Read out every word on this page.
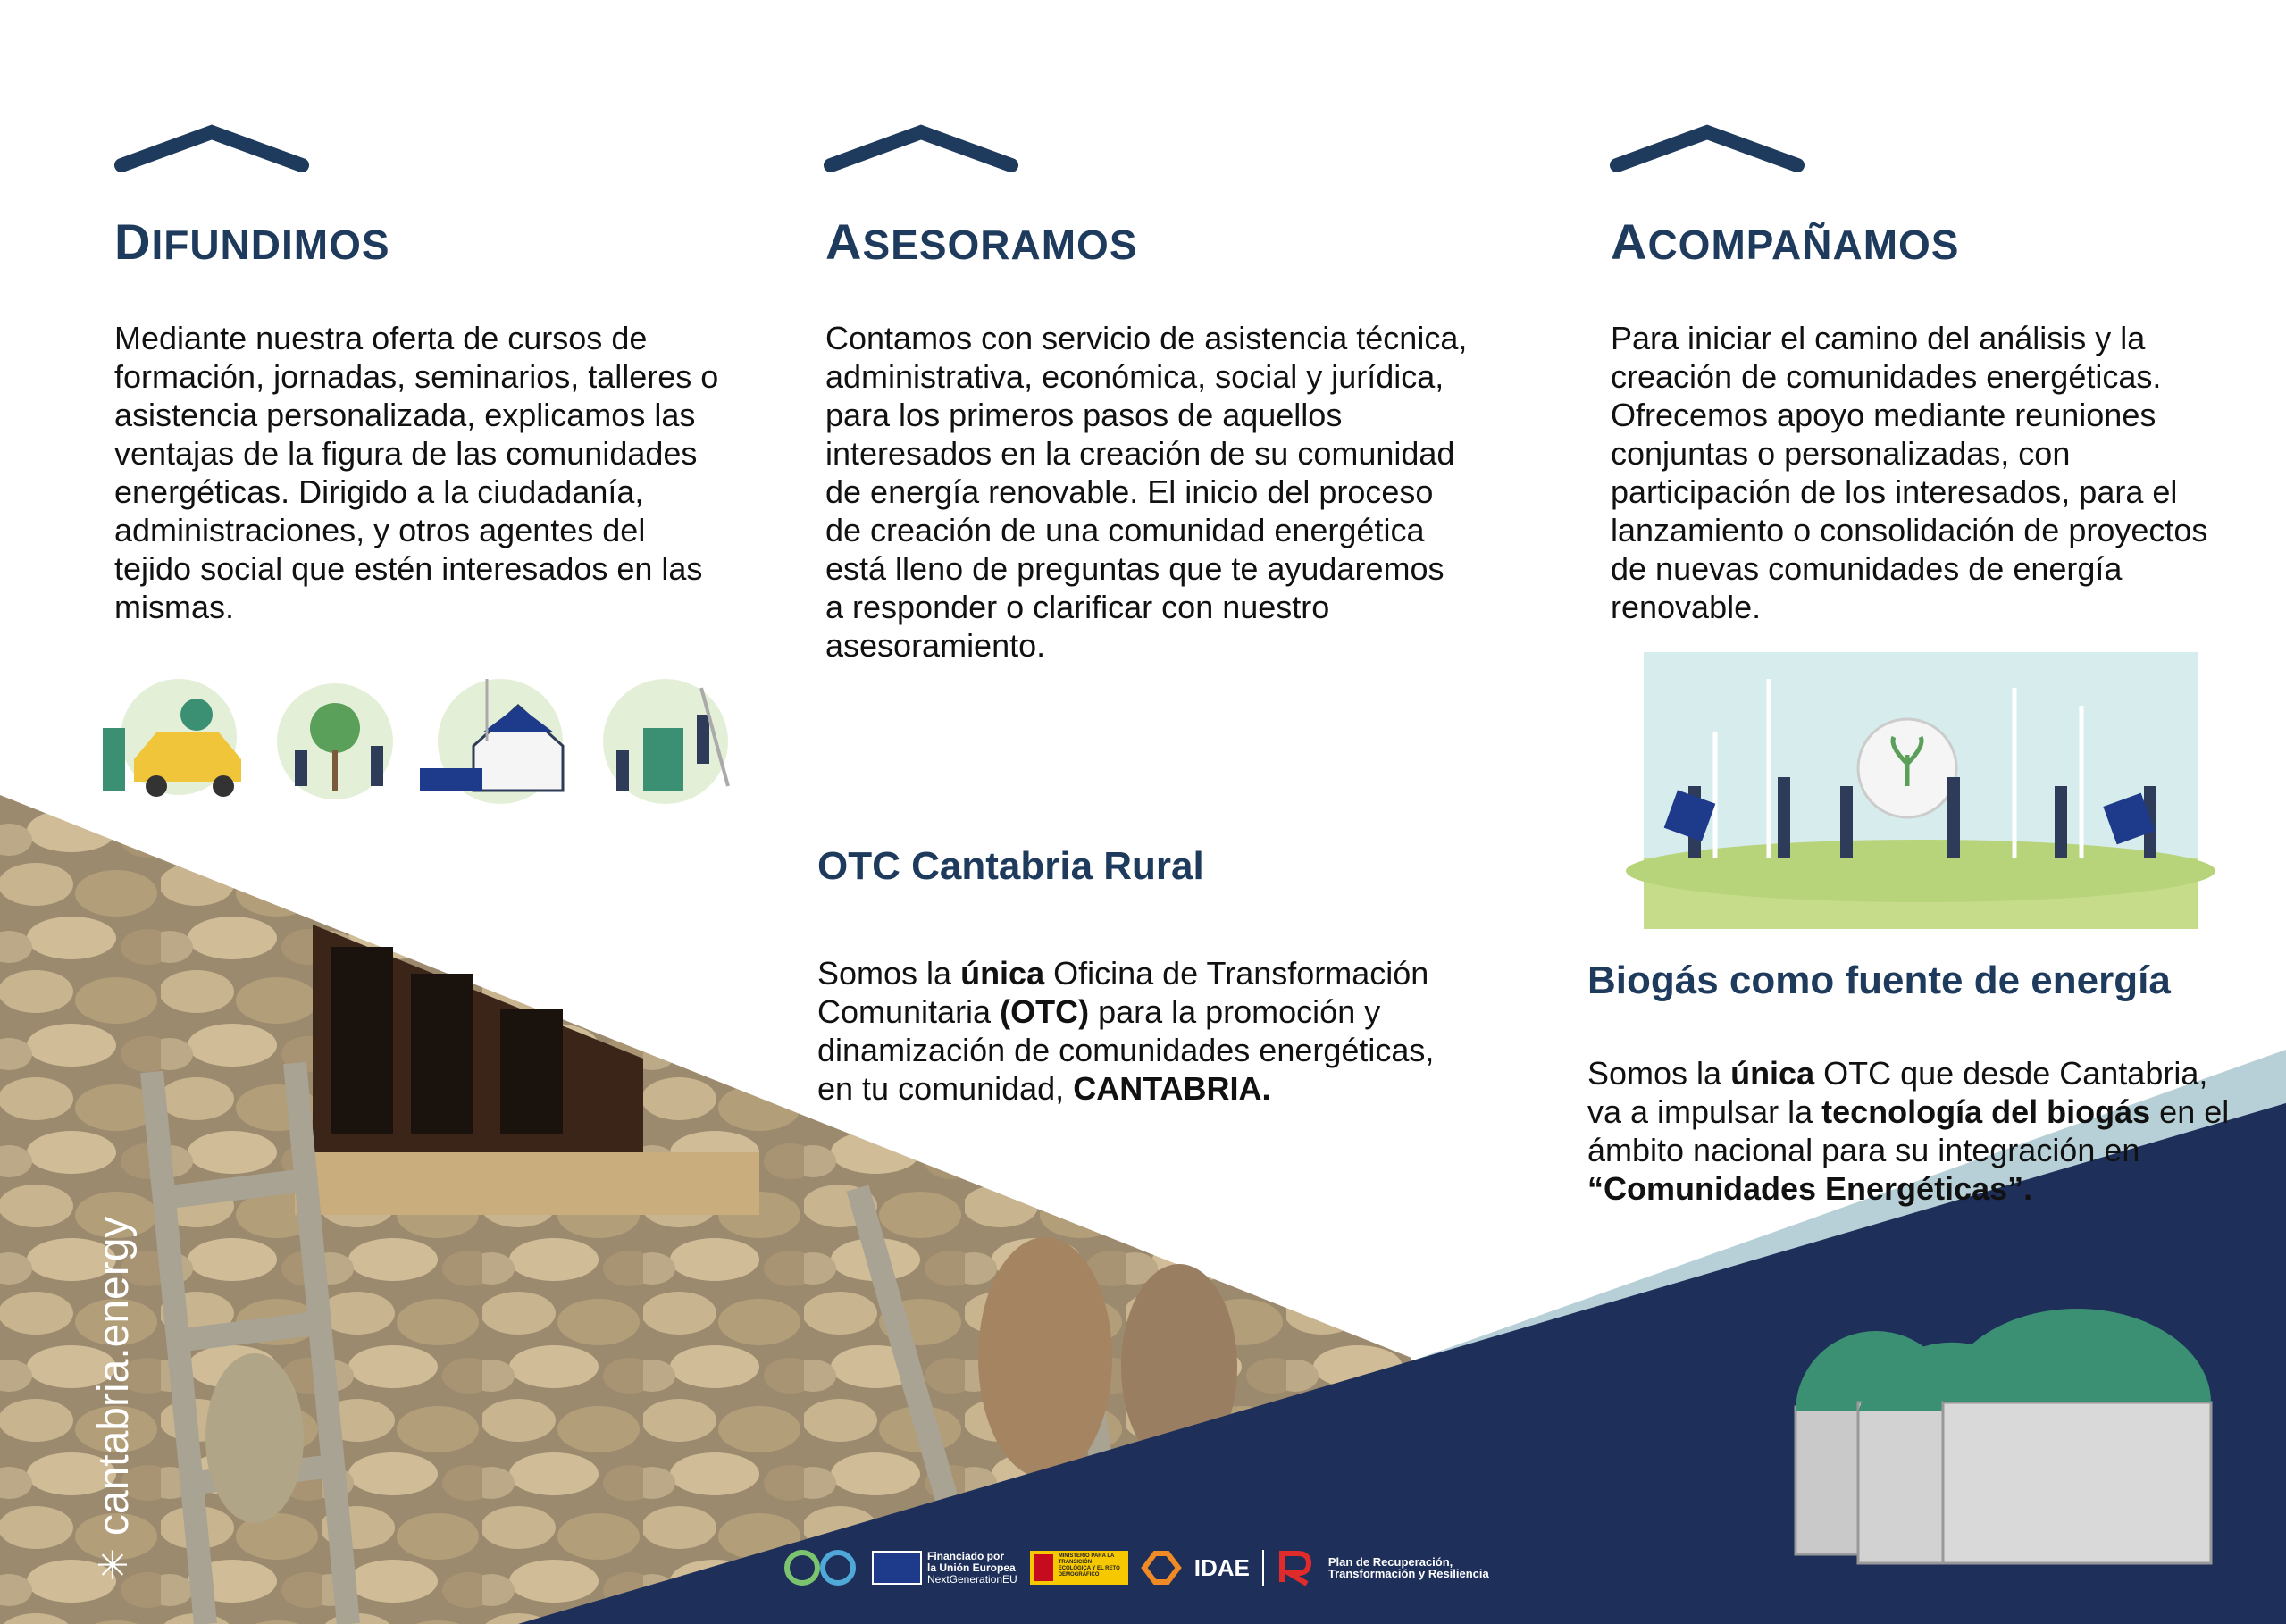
DIFUNDIMOS	ASESORAMOS	ACOMPAÑAMOS

Mediante nuestra oferta de cursos de formación, jornadas, seminarios, talleres o asistencia personalizada, explicamos las ventajas de la figura de las comunidades energéticas. Dirigido a la ciudadanía, administraciones, y otros agentes del tejido social que estén interesados en las mismas.

Contamos con servicio de asistencia técnica, administrativa, económica, social y jurídica, para los primeros pasos de aquellos interesados en la creación de su comunidad de energía renovable. El inicio del proceso de creación de una comunidad energética está lleno de preguntas que te ayudaremos a responder o clarificar con nuestro asesoramiento.

Para iniciar el camino del análisis y la creación de comunidades energéticas. Ofrecemos apoyo mediante reuniones conjuntas o personalizadas, con participación de los interesados, para el lanzamiento o consolidación de proyectos de nuevas comunidades de energía renovable.

OTC Cantabria Rural

Somos la única Oficina de Transformación Comunitaria (OTC) para la promoción y dinamización de comunidades energéticas, en tu comunidad, CANTABRIA.

Biogás como fuente de energía

Somos la única OTC que desde Cantabria, va a impulsar la tecnología del biogás en el ámbito nacional para su integración en “Comunidades Energéticas”.

✳
cantabria.energy
Financiado por
la Unión Europea
NextGenerationEU
MINISTERIO PARA LA TRANSICIÓN ECOLÓGICA Y EL RETO DEMOGRÁFICO	IDAE	Plan de Recuperación,
Transformación y Resiliencia
